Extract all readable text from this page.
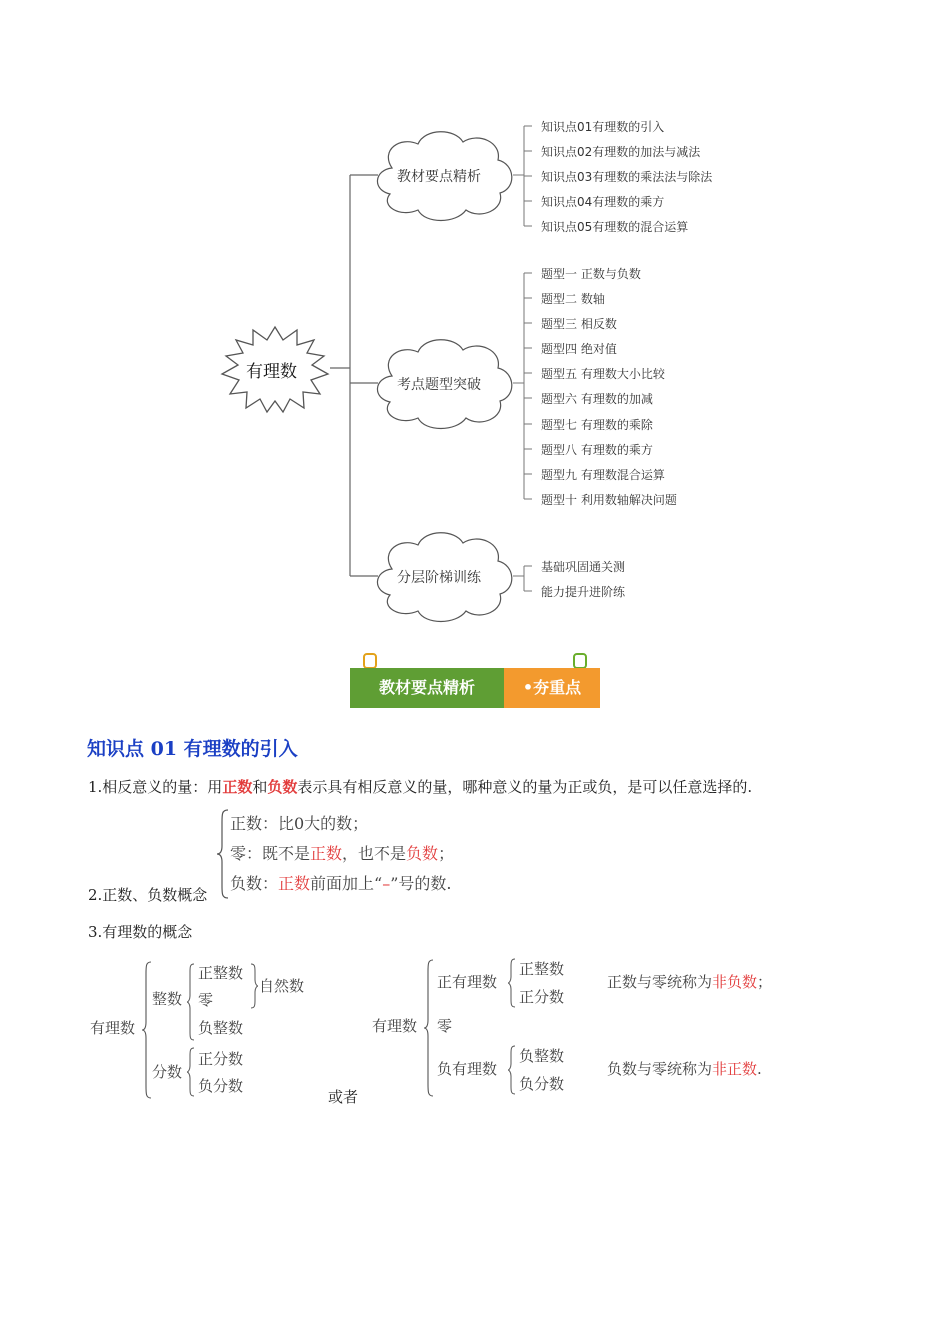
有理数
教材要点精析
考点题型突破
分层阶梯训练
知识点01有理数的引入
知识点02有理数的加法与减法
知识点03有理数的乘法法与除法
知识点04有理数的乘方
知识点05有理数的混合运算
题型一 正数与负数
题型二 数轴
题型三 相反数
题型四 绝对值
题型五 有理数大小比较
题型六 有理数的加减
题型七 有理数的乘除
题型八 有理数的乘方
题型九 有理数混合运算
题型十 利用数轴解决问题
基础巩固通关测
能力提升进阶练
教材要点精析	•夯重点
知识点 01 有理数的引入
1.相反意义的量：用正数和负数表示具有相反意义的量，哪种意义的量为正或负，是可以任意选择的.
正数：比0大的数；
零：既不是正数，也不是负数；
负数：正数前面加上“–”号的数.
2.正数、负数概念
3.有理数的概念
有理数
整数
正整数
零
负整数
自然数
分数
正分数
负分数
或者
有理数
正有理数
正整数
正分数
零
负有理数
负整数
负分数
正数与零统称为非负数；
负数与零统称为非正数.
